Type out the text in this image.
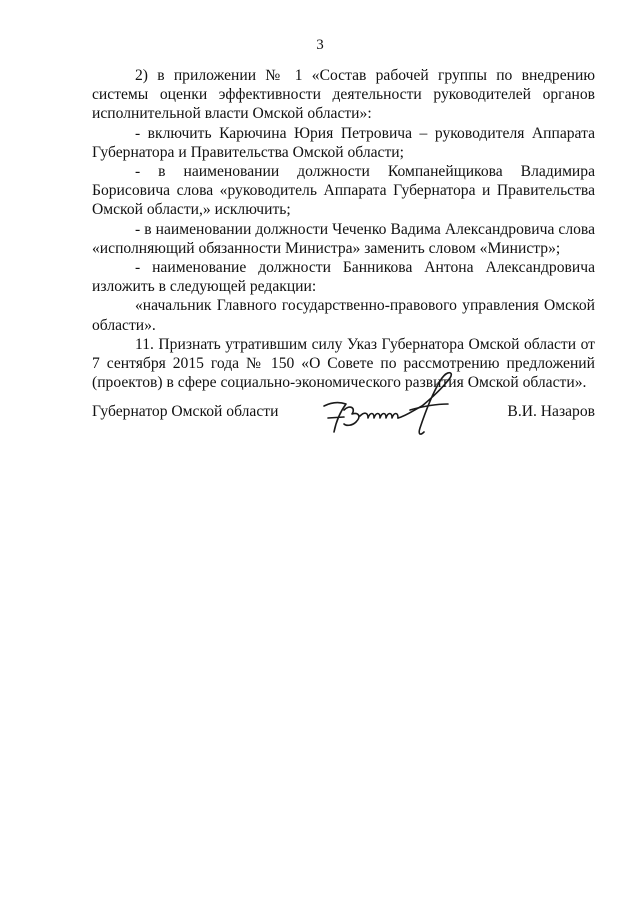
3

2) в приложении № 1 «Состав рабочей группы по внедрению системы оценки эффективности деятельности руководителей органов исполнительной власти Омской области»:

- включить Карючина Юрия Петровича – руководителя Аппарата Губернатора и Правительства Омской области;

- в наименовании должности Компанейщикова Владимира Борисовича слова «руководитель Аппарата Губернатора и Правительства Омской области,» исключить;

- в наименовании должности Чеченко Вадима Александровича слова «исполняющий обязанности Министра» заменить словом «Министр»;

- наименование должности Банникова Антона Александровича изложить в следующей редакции:

«начальник Главного государственно-правового управления Омской области».

11. Признать утратившим силу Указ Губернатора Омской области от 7 сентября 2015 года № 150 «О Совете по рассмотрению предложений (проектов) в сфере социально-экономического развития Омской области».

Губернатор Омской области	В.И. Назаров
